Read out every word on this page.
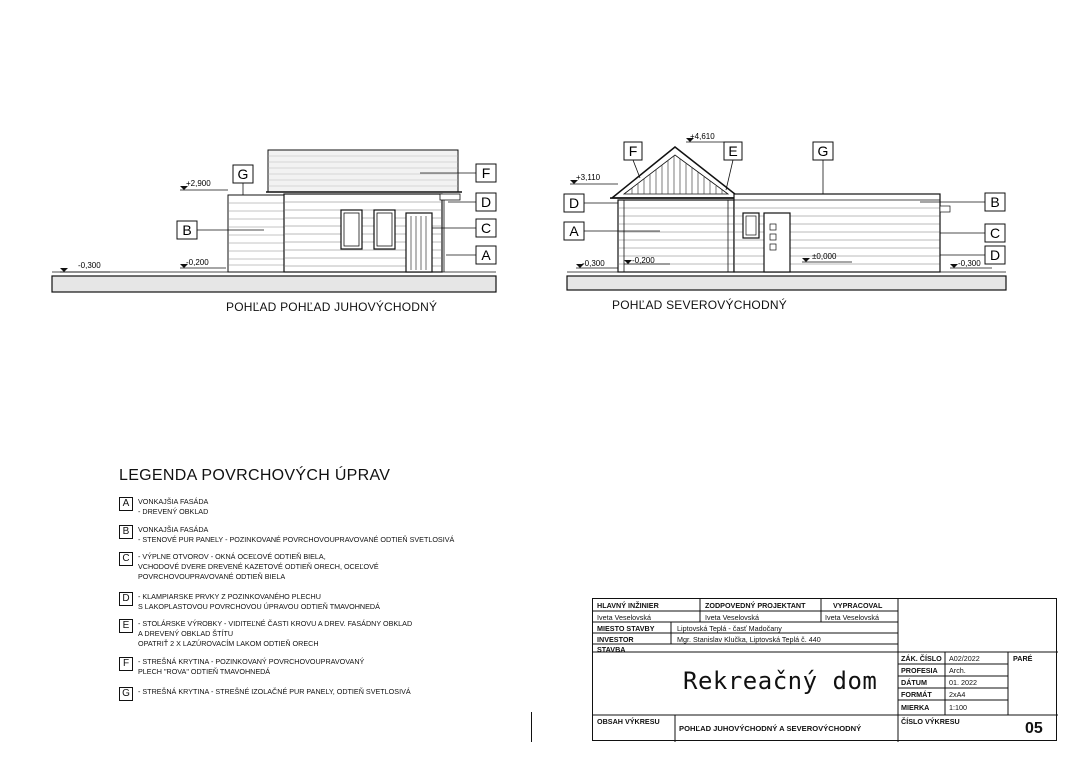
+2,900
-0,300	-0,200
G	F
D
C
A
B
POHĽAD POHĽAD JUHOVÝCHODNÝ
+4,610
+3,110
-0,300	-0,200	±0,000
-0,300
F	E	G
D
A
B
C
D
POHĽAD SEVEROVÝCHODNÝ
LEGENDA POVRCHOVÝCH ÚPRAV
A	VONKAJŠIA FASÁDA
- DREVENÝ OBKLAD
B	VONKAJŠIA FASÁDA
- STENOVÉ PUR PANELY - POZINKOVANÉ POVRCHOVOUPRAVOVANÉ ODTIEŇ SVETLOSIVÁ
C	- VÝPLNE OTVOROV - OKNÁ OCEĽOVÉ ODTIEŇ BIELA,
VCHODOVÉ DVERE DREVENÉ KAZETOVÉ ODTIEŇ ORECH, OCEĽOVÉ
POVRCHOVOUPRAVOVANÉ ODTIEŇ BIELA
D	- KLAMPIARSKE PRVKY Z POZINKOVANÉHO PLECHU
S LAKOPLASTOVOU POVRCHOVOU ÚPRAVOU ODTIEŇ TMAVOHNEDÁ
E	- STOLÁRSKE VÝROBKY - VIDITEĽNÉ ČASTI KROVU A DREV. FASÁDNY OBKLAD
A DREVENÝ OBKLAD ŠTÍTU
OPATRIŤ 2 X LAZÚROVACÍM LAKOM ODTIEŇ ORECH
F	- STREŠNÁ KRYTINA - POZINKOVANÝ POVRCHOVOUPRAVOVANÝ
PLECH "ROVA" ODTIEŇ TMAVOHNEDÁ
G	- STREŠNÁ KRYTINA - STREŠNÉ IZOLAČNÉ PUR PANELY, ODTIEŇ SVETLOSIVÁ
HLAVNÝ INŽINIER	ZODPOVEDNÝ PROJEKTANT	VYPRACOVAL
Iveta Veselovská	Iveta Veselovská	Iveta Veselovská
MIESTO STAVBY	Liptovská Teplá - časť Madočany
INVESTOR	Mgr. Stanislav Klučka, Liptovská Teplá č. 440
STAVBA
Rekreačný dom
ZÁK. ČÍSLO A02/2022	PARÉ
PROFESIA Arch.
DÁTUM	01. 2022
FORMÁT 2xA4
MIERKA	1:100
OBSAH VÝKRESU
POHĽAD JUHOVÝCHODNÝ A SEVEROVÝCHODNÝ
ČÍSLO VÝKRESU	05
